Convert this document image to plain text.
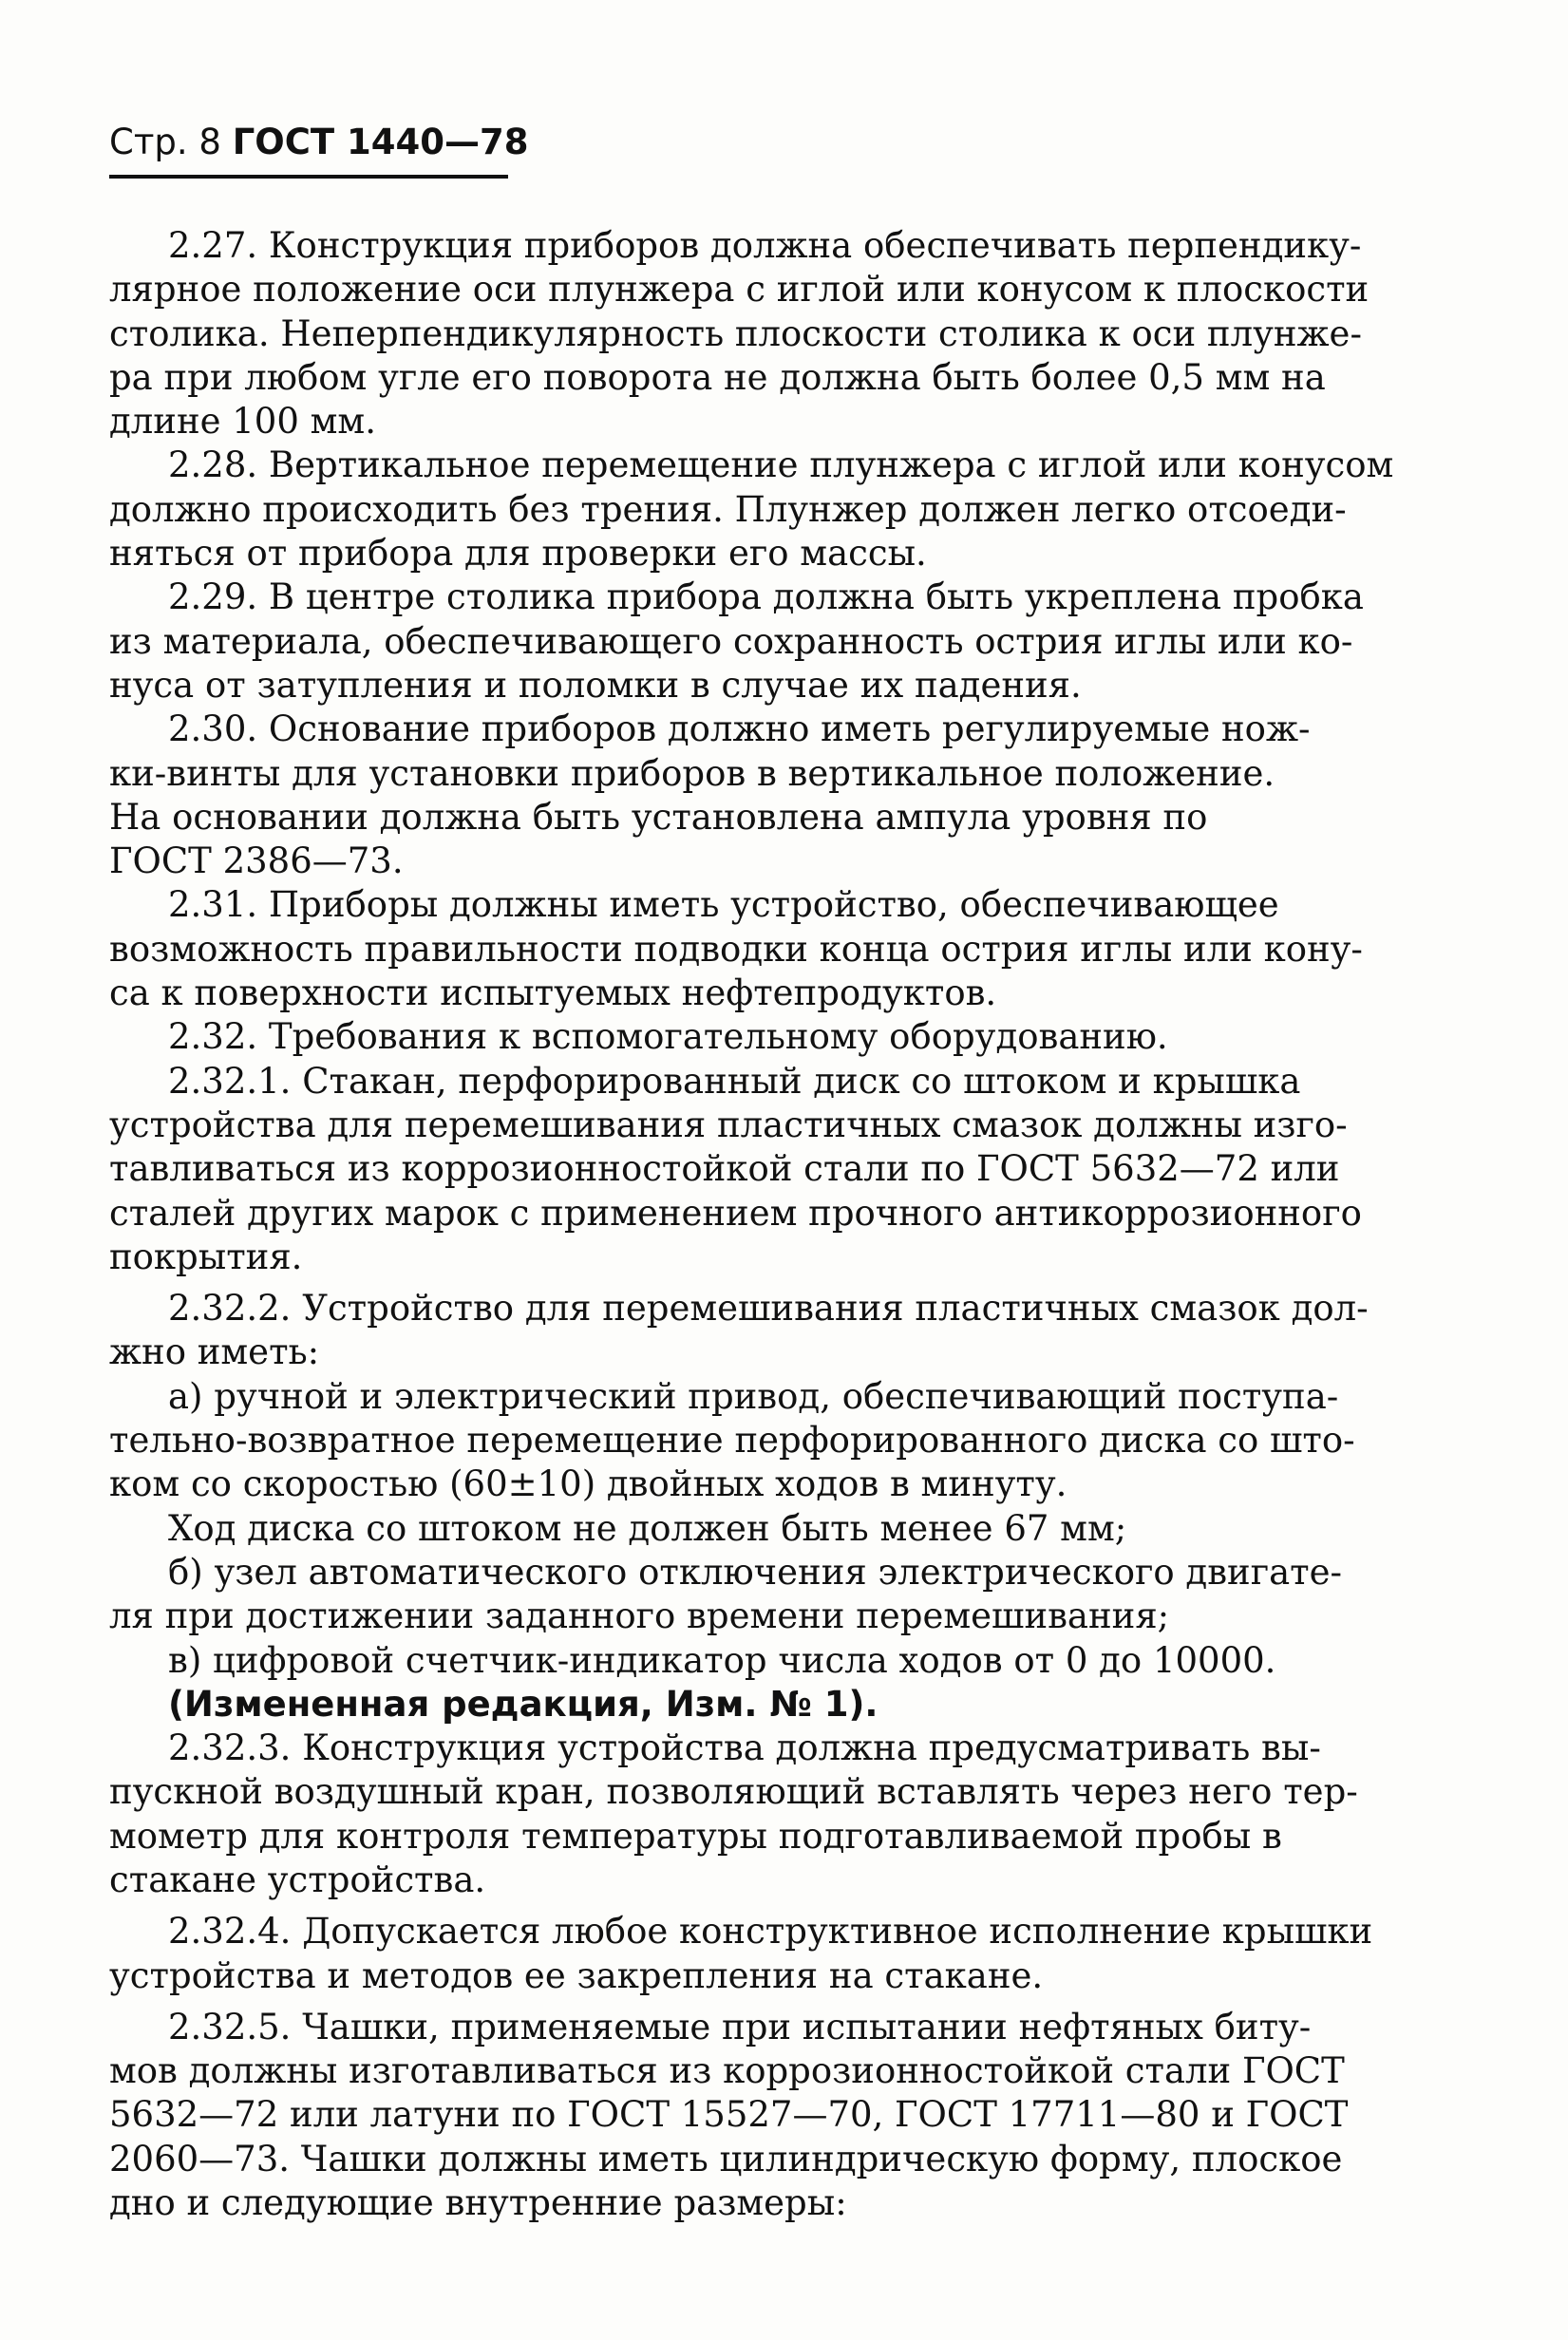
Стр. 8 ГОСТ 1440—78

2.27. Конструкция приборов должна обеспечивать перпендику-
лярное положение оси плунжера с иглой или конусом к плоскости
столика. Неперпендикулярность плоскости столика к оси плунже-
ра при любом угле его поворота не должна быть более 0,5 мм на
длине 100 мм.

2.28. Вертикальное перемещение плунжера с иглой или конусом
должно происходить без трения. Плунжер должен легко отсоеди-
няться от прибора для проверки его массы.

2.29. В центре столика прибора должна быть укреплена пробка
из материала, обеспечивающего сохранность острия иглы или ко-
нуса от затупления и поломки в случае их падения.

2.30. Основание приборов должно иметь регулируемые нож-
ки-винты для установки приборов в вертикальное положение.
На основании должна быть установлена ампула уровня по
ГОСТ 2386—73.

2.31. Приборы должны иметь устройство, обеспечивающее
возможность правильности подводки конца острия иглы или кону-
са к поверхности испытуемых нефтепродуктов.

2.32. Требования к вспомогательному оборудованию.

2.32.1. Стакан, перфорированный диск со штоком и крышка
устройства для перемешивания пластичных смазок должны изго-
тавливаться из коррозионностойкой стали по ГОСТ 5632—72 или
сталей других марок с применением прочного антикоррозионного
покрытия.

2.32.2. Устройство для перемешивания пластичных смазок дол-
жно иметь:

а) ручной и электрический привод, обеспечивающий поступа-
тельно-возвратное перемещение перфорированного диска со што-
ком со скоростью (60±10) двойных ходов в минуту.

Ход диска со штоком не должен быть менее 67 мм;

б) узел автоматического отключения электрического двигате-
ля при достижении заданного времени перемешивания;

в) цифровой счетчик-индикатор числа ходов от 0 до 10000.

(Измененная редакция, Изм. № 1).

2.32.3. Конструкция устройства должна предусматривать вы-
пускной воздушный кран, позволяющий вставлять через него тер-
мометр для контроля температуры подготавливаемой пробы в
стакане устройства.

2.32.4. Допускается любое конструктивное исполнение крышки
устройства и методов ее закрепления на стакане.

2.32.5. Чашки, применяемые при испытании нефтяных биту-
мов должны изготавливаться из коррозионностойкой стали ГОСТ
5632—72 или латуни по ГОСТ 15527—70, ГОСТ 17711—80 и ГОСТ
2060—73. Чашки должны иметь цилиндрическую форму, плоское
дно и следующие внутренние размеры:
